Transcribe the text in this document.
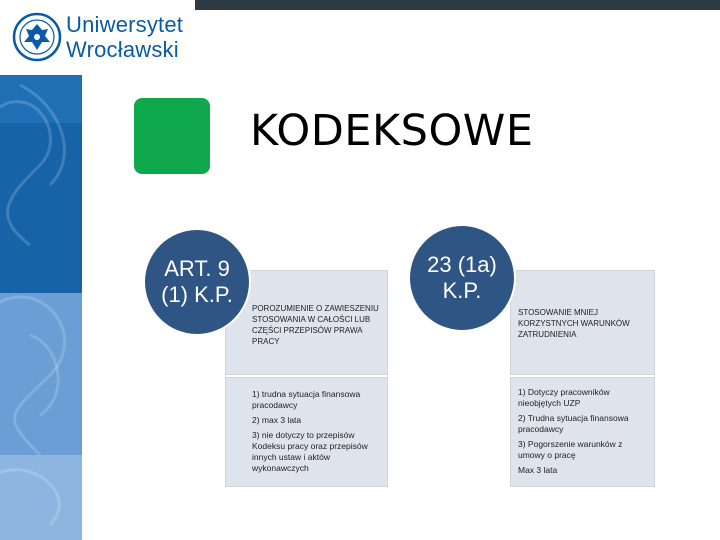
Uniwersytet
Wrocławski
KODEKSOWE
POROZUMIENIE O ZAWIESZENIU STOSOWANIA W CAŁOŚCI LUB CZĘŚCI PRZEPISÓW PRAWA PRACY

1) trudna sytuacja finansowa pracodawcy

2) max 3 lata

3) nie dotyczy to przepisów Kodeksu pracy oraz przepisów innych ustaw i aktów wykonawczych

ART. 9
(1) K.P.
STOSOWANIE MNIEJ KORZYSTNYCH WARUNKÓW ZATRUDNIENIA

1) Dotyczy pracowników nieobjętych UZP

2) Trudna sytuacja finansowa pracodawcy

3) Pogorszenie warunków z umowy o pracę

Max 3 lata

23 (1a)
K.P.
